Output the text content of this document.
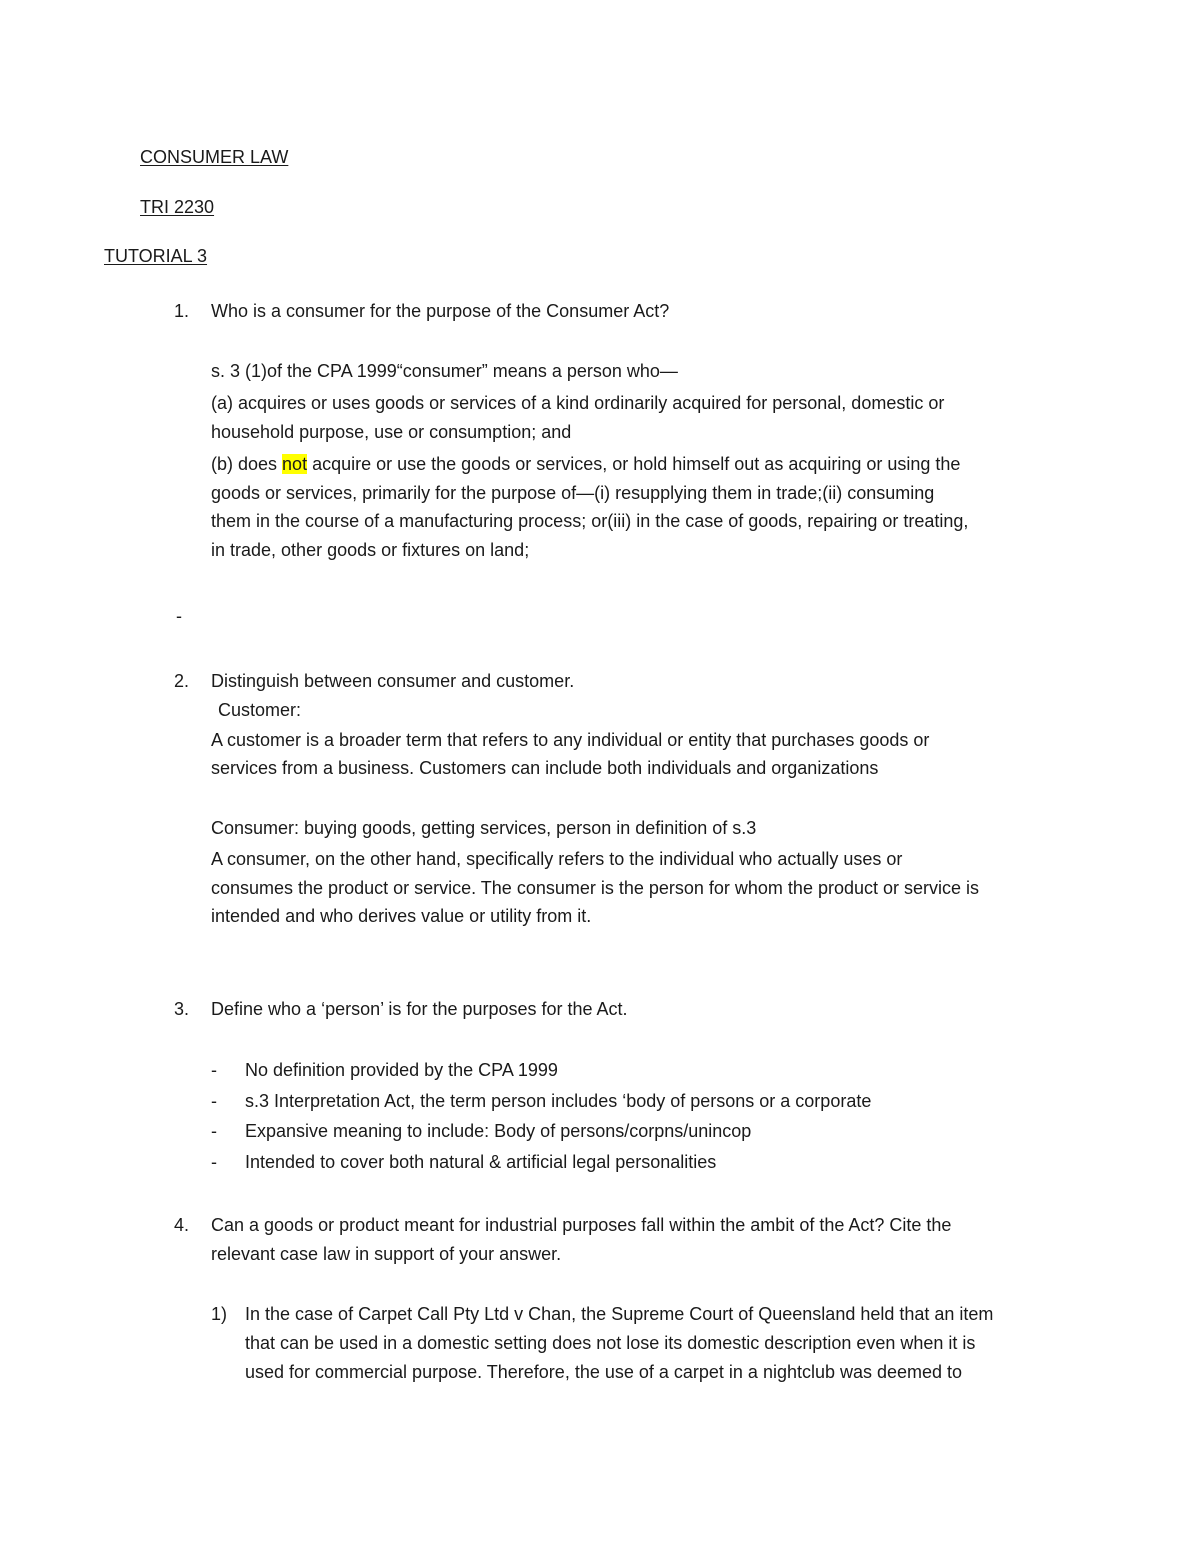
CONSUMER LAW
TRI 2230
TUTORIAL 3
1. Who is a consumer for the purpose of the Consumer Act?
s. 3 (1)of the CPA 1999“consumer” means a person who—
(a) acquires or uses goods or services of a kind ordinarily acquired for personal, domestic or
household purpose, use or consumption; and
(b) does not acquire or use the goods or services, or hold himself out as acquiring or using the
goods or services, primarily for the purpose of—(i) resupplying them in trade;(ii) consuming
them in the course of a manufacturing process; or(iii) in the case of goods, repairing or treating,
in trade, other goods or fixtures on land;
-
2. Distinguish between consumer and customer.
Customer:
A customer is a broader term that refers to any individual or entity that purchases goods or
services from a business. Customers can include both individuals and organizations
Consumer: buying goods, getting services, person in definition of s.3
A consumer, on the other hand, specifically refers to the individual who actually uses or
consumes the product or service. The consumer is the person for whom the product or service is
intended and who derives value or utility from it.
3. Define who a ‘person’ is for the purposes for the Act.
- No definition provided by the CPA 1999
- s.3 Interpretation Act, the term person includes ‘body of persons or a corporate
- Expansive meaning to include: Body of persons/corpns/unincop
- Intended to cover both natural & artificial legal personalities
4. Can a goods or product meant for industrial purposes fall within the ambit of the Act? Cite the
relevant case law in support of your answer.
1) In the case of Carpet Call Pty Ltd v Chan, the Supreme Court of Queensland held that an item
that can be used in a domestic setting does not lose its domestic description even when it is
used for commercial purpose. Therefore, the use of a carpet in a nightclub was deemed to
